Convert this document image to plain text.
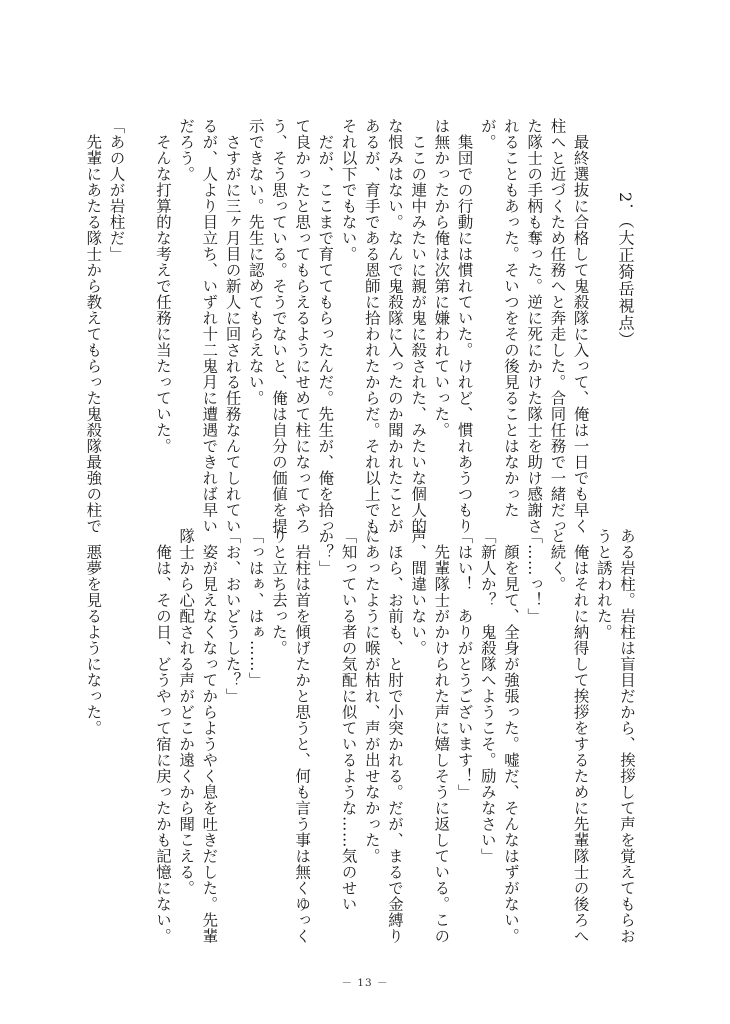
2．（大正猗岳視点）

　最終選抜に合格して鬼殺隊に入って、俺は一日でも早く
柱へと近づくため任務へと奔走した。合同任務で一緒だっ
た隊士の手柄も奪った。逆に死にかけた隊士を助け感謝さ
れることもあった。そいつをその後見ることはなかった
が。
　集団での行動には慣れていた。けれど、慣れあうつもり
は無かったから俺は次第に嫌われていった。
　ここの連中みたいに親が鬼に殺された、みたいな個人的
な恨みはない。なんで鬼殺隊に入ったのか聞かれたことが
あるが、育手である恩師に拾われたからだ。それ以上でも
それ以下でもない。
　だが、ここまで育ててもらったんだ。先生が、俺を拾っ
て良かったと思ってもらえるようにせめて柱になってやろ
う、そう思っている。そうでないと、俺は自分の価値を提
示できない。先生に認めてもらえない。
　さすがに三ヶ月目の新人に回される任務なんてしれてい
るが、人より目立ち、いずれ十二鬼月に遭遇できれば早い
だろう。
　そんな打算的な考えで任務に当たっていた。

「あの人が岩柱だ」
　先輩にあたる隊士から教えてもらった鬼殺隊最強の柱で
ある岩柱。岩柱は盲目だから、挨拶して声を覚えてもらお
うと誘われた。
　俺はそれに納得して挨拶をするために先輩隊士の後ろへ
と続く。
「……っ！」
　顔を見て、全身が強張った。嘘だ、そんなはずがない。
「新人か？　鬼殺隊へようこそ。励みなさい」
「はい！　ありがとうございます！」
　先輩隊士がかけられた声に嬉しそうに返している。この
声、間違いない。
　ほら、お前も、と肘で小突かれる。だが、まるで金縛り
にあったように喉が枯れ、声が出せなかった。
「知っている者の気配に似ているような……気のせい
か？」
　岩柱は首を傾げたかと思うと、何も言う事は無くゆっく
りと立ち去った。
「っはぁ、はぁ……」
「お、おいどうした？」
　姿が見えなくなってからようやく息を吐きだした。先輩
隊士から心配される声がどこか遠くから聞こえる。
　俺は、その日、どうやって宿に戻ったかも記憶にない。

　悪夢を見るようになった。
－ 13 －
